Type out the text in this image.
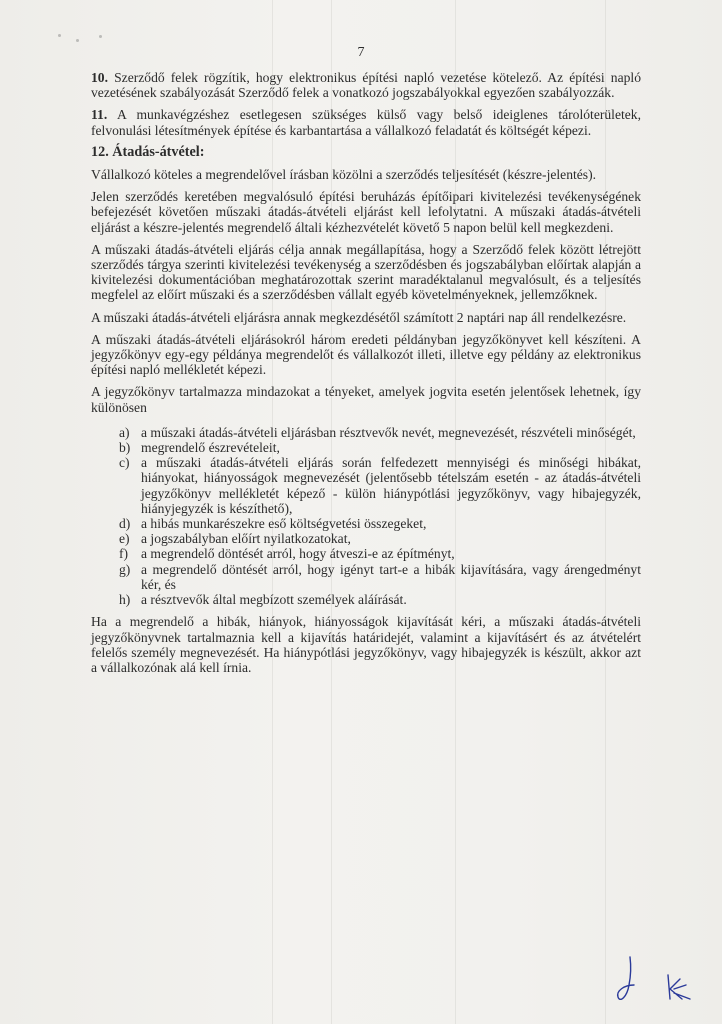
7

10. Szerződő felek rögzítik, hogy elektronikus építési napló vezetése kötelező. Az építési napló vezetésének szabályozását Szerződő felek a vonatkozó jogszabályokkal egyezően szabályozzák.

11. A munkavégzéshez esetlegesen szükséges külső vagy belső ideiglenes tárolóterületek, felvonulási létesítmények építése és karbantartása a vállalkozó feladatát és költségét képezi.

12. Átadás-átvétel:

Vállalkozó köteles a megrendelővel írásban közölni a szerződés teljesítését (készre-jelentés).

Jelen szerződés keretében megvalósuló építési beruházás építőipari kivitelezési tevékenységének befejezését követően műszaki átadás-átvételi eljárást kell lefolytatni. A műszaki átadás-átvételi eljárást a készre-jelentés megrendelő általi kézhezvételét követő 5 napon belül kell megkezdeni.

A műszaki átadás-átvételi eljárás célja annak megállapítása, hogy a Szerződő felek között létrejött szerződés tárgya szerinti kivitelezési tevékenység a szerződésben és jogszabályban előírtak alapján a kivitelezési dokumentációban meghatározottak szerint maradéktalanul megvalósult, és a teljesítés megfelel az előírt műszaki és a szerződésben vállalt egyéb követelményeknek, jellemzőknek.

A műszaki átadás-átvételi eljárásra annak megkezdésétől számított 2 naptári nap áll rendelkezésre.

A műszaki átadás-átvételi eljárásokról három eredeti példányban jegyzőkönyvet kell készíteni. A jegyzőkönyv egy-egy példánya megrendelőt és vállalkozót illeti, illetve egy példány az elektronikus építési napló mellékletét képezi.

A jegyzőkönyv tartalmazza mindazokat a tényeket, amelyek jogvita esetén jelentősek lehetnek, így különösen

a) a műszaki átadás-átvételi eljárásban résztvevők nevét, megnevezését, részvételi minőségét,
b) megrendelő észrevételeit,
c) a műszaki átadás-átvételi eljárás során felfedezett mennyiségi és minőségi hibákat, hiányokat, hiányosságok megnevezését (jelentősebb tételszám esetén - az átadás-átvételi jegyzőkönyv mellékletét képező - külön hiánypótlási jegyzőkönyv, vagy hibajegyzék, hiányjegyzék is készíthető),
d) a hibás munkarészekre eső költségvetési összegeket,
e) a jogszabályban előírt nyilatkozatokat,
f) a megrendelő döntését arról, hogy átveszi-e az építményt,
g) a megrendelő döntését arról, hogy igényt tart-e a hibák kijavítására, vagy árengedményt kér, és
h) a résztvevők által megbízott személyek aláírását.

Ha a megrendelő a hibák, hiányok, hiányosságok kijavítását kéri, a műszaki átadás-átvételi jegyzőkönyvnek tartalmaznia kell a kijavítás határidejét, valamint a kijavításért és az átvételért felelős személy megnevezését. Ha hiánypótlási jegyzőkönyv, vagy hibajegyzék is készült, akkor azt a vállalkozónak alá kell írnia.
